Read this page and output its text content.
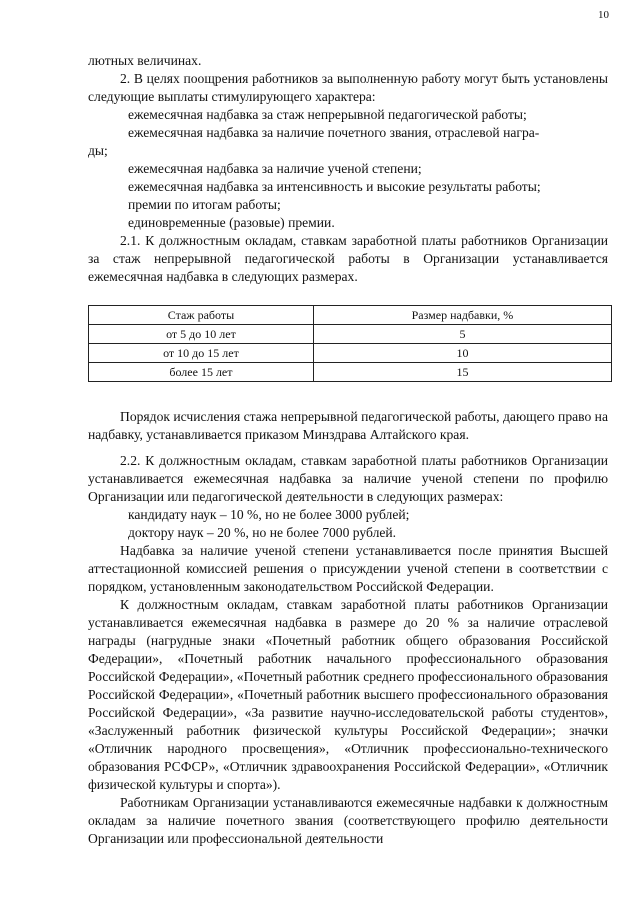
10

лютных величинах.

2. В целях поощрения работников за выполненную работу могут быть установлены следующие выплаты стимулирующего характера:

ежемесячная надбавка за стаж непрерывной педагогической работы;

ежемесячная надбавка за наличие почетного звания, отраслевой награ-

ды;

ежемесячная надбавка за наличие ученой степени;

ежемесячная надбавка за интенсивность и высокие результаты работы;

премии по итогам работы;

единовременные (разовые) премии.

2.1. К должностным окладам, ставкам заработной платы работников Организации за стаж непрерывной педагогической работы в Организации устанавливается ежемесячная надбавка в следующих размерах.

Стаж работы	Размер надбавки, %
от 5 до 10 лет	5
от 10 до 15 лет	10
более 15 лет	15

Порядок исчисления стажа непрерывной педагогической работы, дающего право на надбавку, устанавливается приказом Минздрава Алтайского края.

2.2. К должностным окладам, ставкам заработной платы работников Организации устанавливается ежемесячная надбавка за наличие ученой степени по профилю Организации или педагогической деятельности в следующих размерах:

кандидату наук – 10 %, но не более 3000 рублей;

доктору наук – 20 %, но не более 7000 рублей.

Надбавка за наличие ученой степени устанавливается после принятия Высшей аттестационной комиссией решения о присуждении ученой степени в соответствии с порядком, установленным законодательством Российской Федерации.

К должностным окладам, ставкам заработной платы работников Организации устанавливается ежемесячная надбавка в размере до 20 % за наличие отраслевой награды (нагрудные знаки «Почетный работник общего образования Российской Федерации», «Почетный работник начального профессионального образования Российской Федерации», «Почетный работник среднего профессионального образования Российской Федерации», «Почетный работник высшего профессионального образования Российской Федерации», «За развитие научно-исследовательской работы студентов», «Заслуженный работник физической культуры Российской Федерации»; значки «Отличник народного просвещения», «Отличник профессионально-технического образования РСФСР», «Отличник здравоохранения Российской Федерации», «Отличник физической культуры и спорта»).

Работникам Организации устанавливаются ежемесячные надбавки к должностным окладам за наличие почетного звания (соответствующего профилю деятельности Организации или профессиональной деятельности
